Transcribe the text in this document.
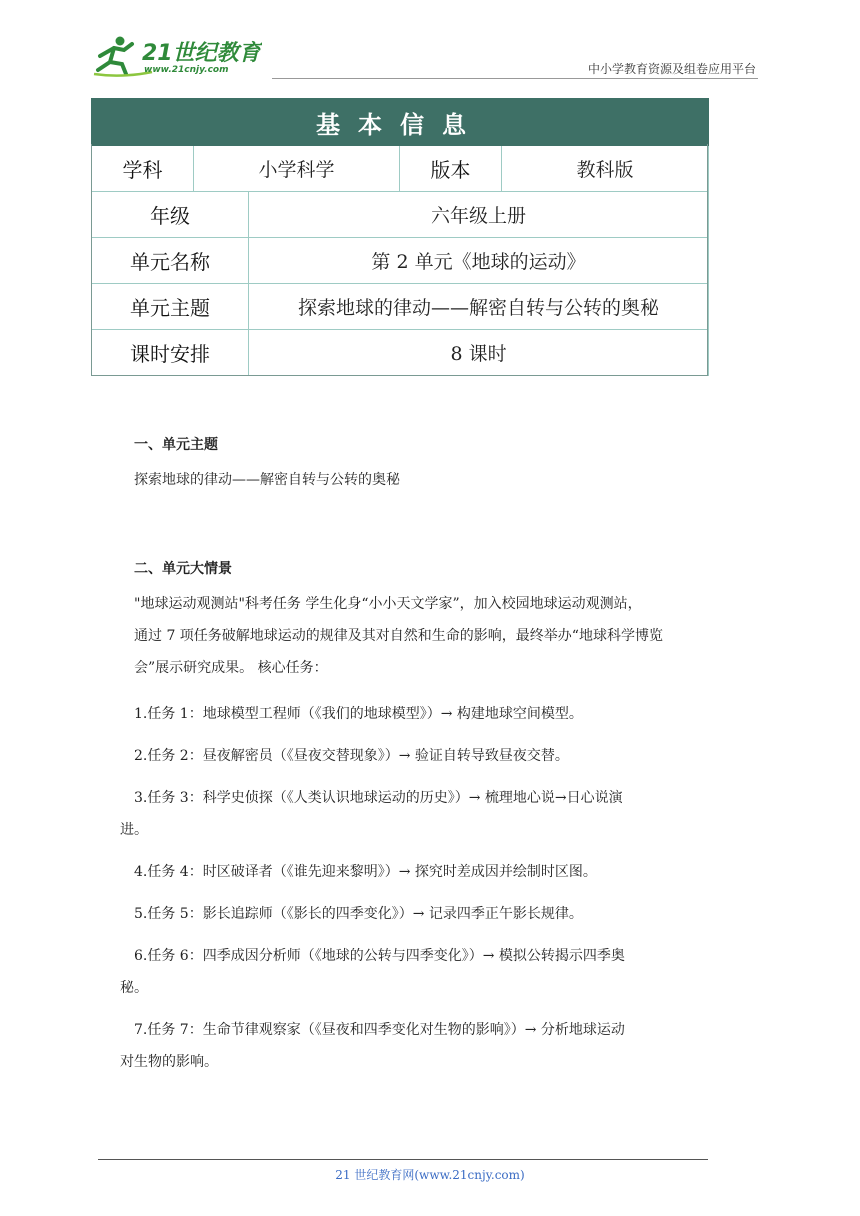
21世纪教育
www.21cnjy.com	中小学教育资源及组卷应用平台
基本信息				
学科	小学科学		版本	教科版
年级		六年级上册		
单元名称		第 2 单元《地球的运动》		
单元主题		探索地球的律动——解密自转与公转的奥秘		
课时安排		8 课时		

一、单元主题

探索地球的律动——解密自转与公转的奥秘

二、单元大情景

"地球运动观测站"科考任务 学生化身“小小天文学家”，加入校园地球运动观测站，

通过 7 项任务破解地球运动的规律及其对自然和生命的影响，最终举办“地球科学博览

会”展示研究成果。 核心任务：

1.任务 1：地球模型工程师（《我们的地球模型》）→ 构建地球空间模型。

2.任务 2：昼夜解密员（《昼夜交替现象》）→ 验证自转导致昼夜交替。

3.任务 3：科学史侦探（《人类认识地球运动的历史》）→ 梳理地心说→日心说演

进。

4.任务 4：时区破译者（《谁先迎来黎明》）→ 探究时差成因并绘制时区图。

5.任务 5：影长追踪师（《影长的四季变化》）→ 记录四季正午影长规律。

6.任务 6：四季成因分析师（《地球的公转与四季变化》）→ 模拟公转揭示四季奥

秘。

7.任务 7：生命节律观察家（《昼夜和四季变化对生物的影响》）→ 分析地球运动

对生物的影响。

21 世纪教育网(www.21cnjy.com)
